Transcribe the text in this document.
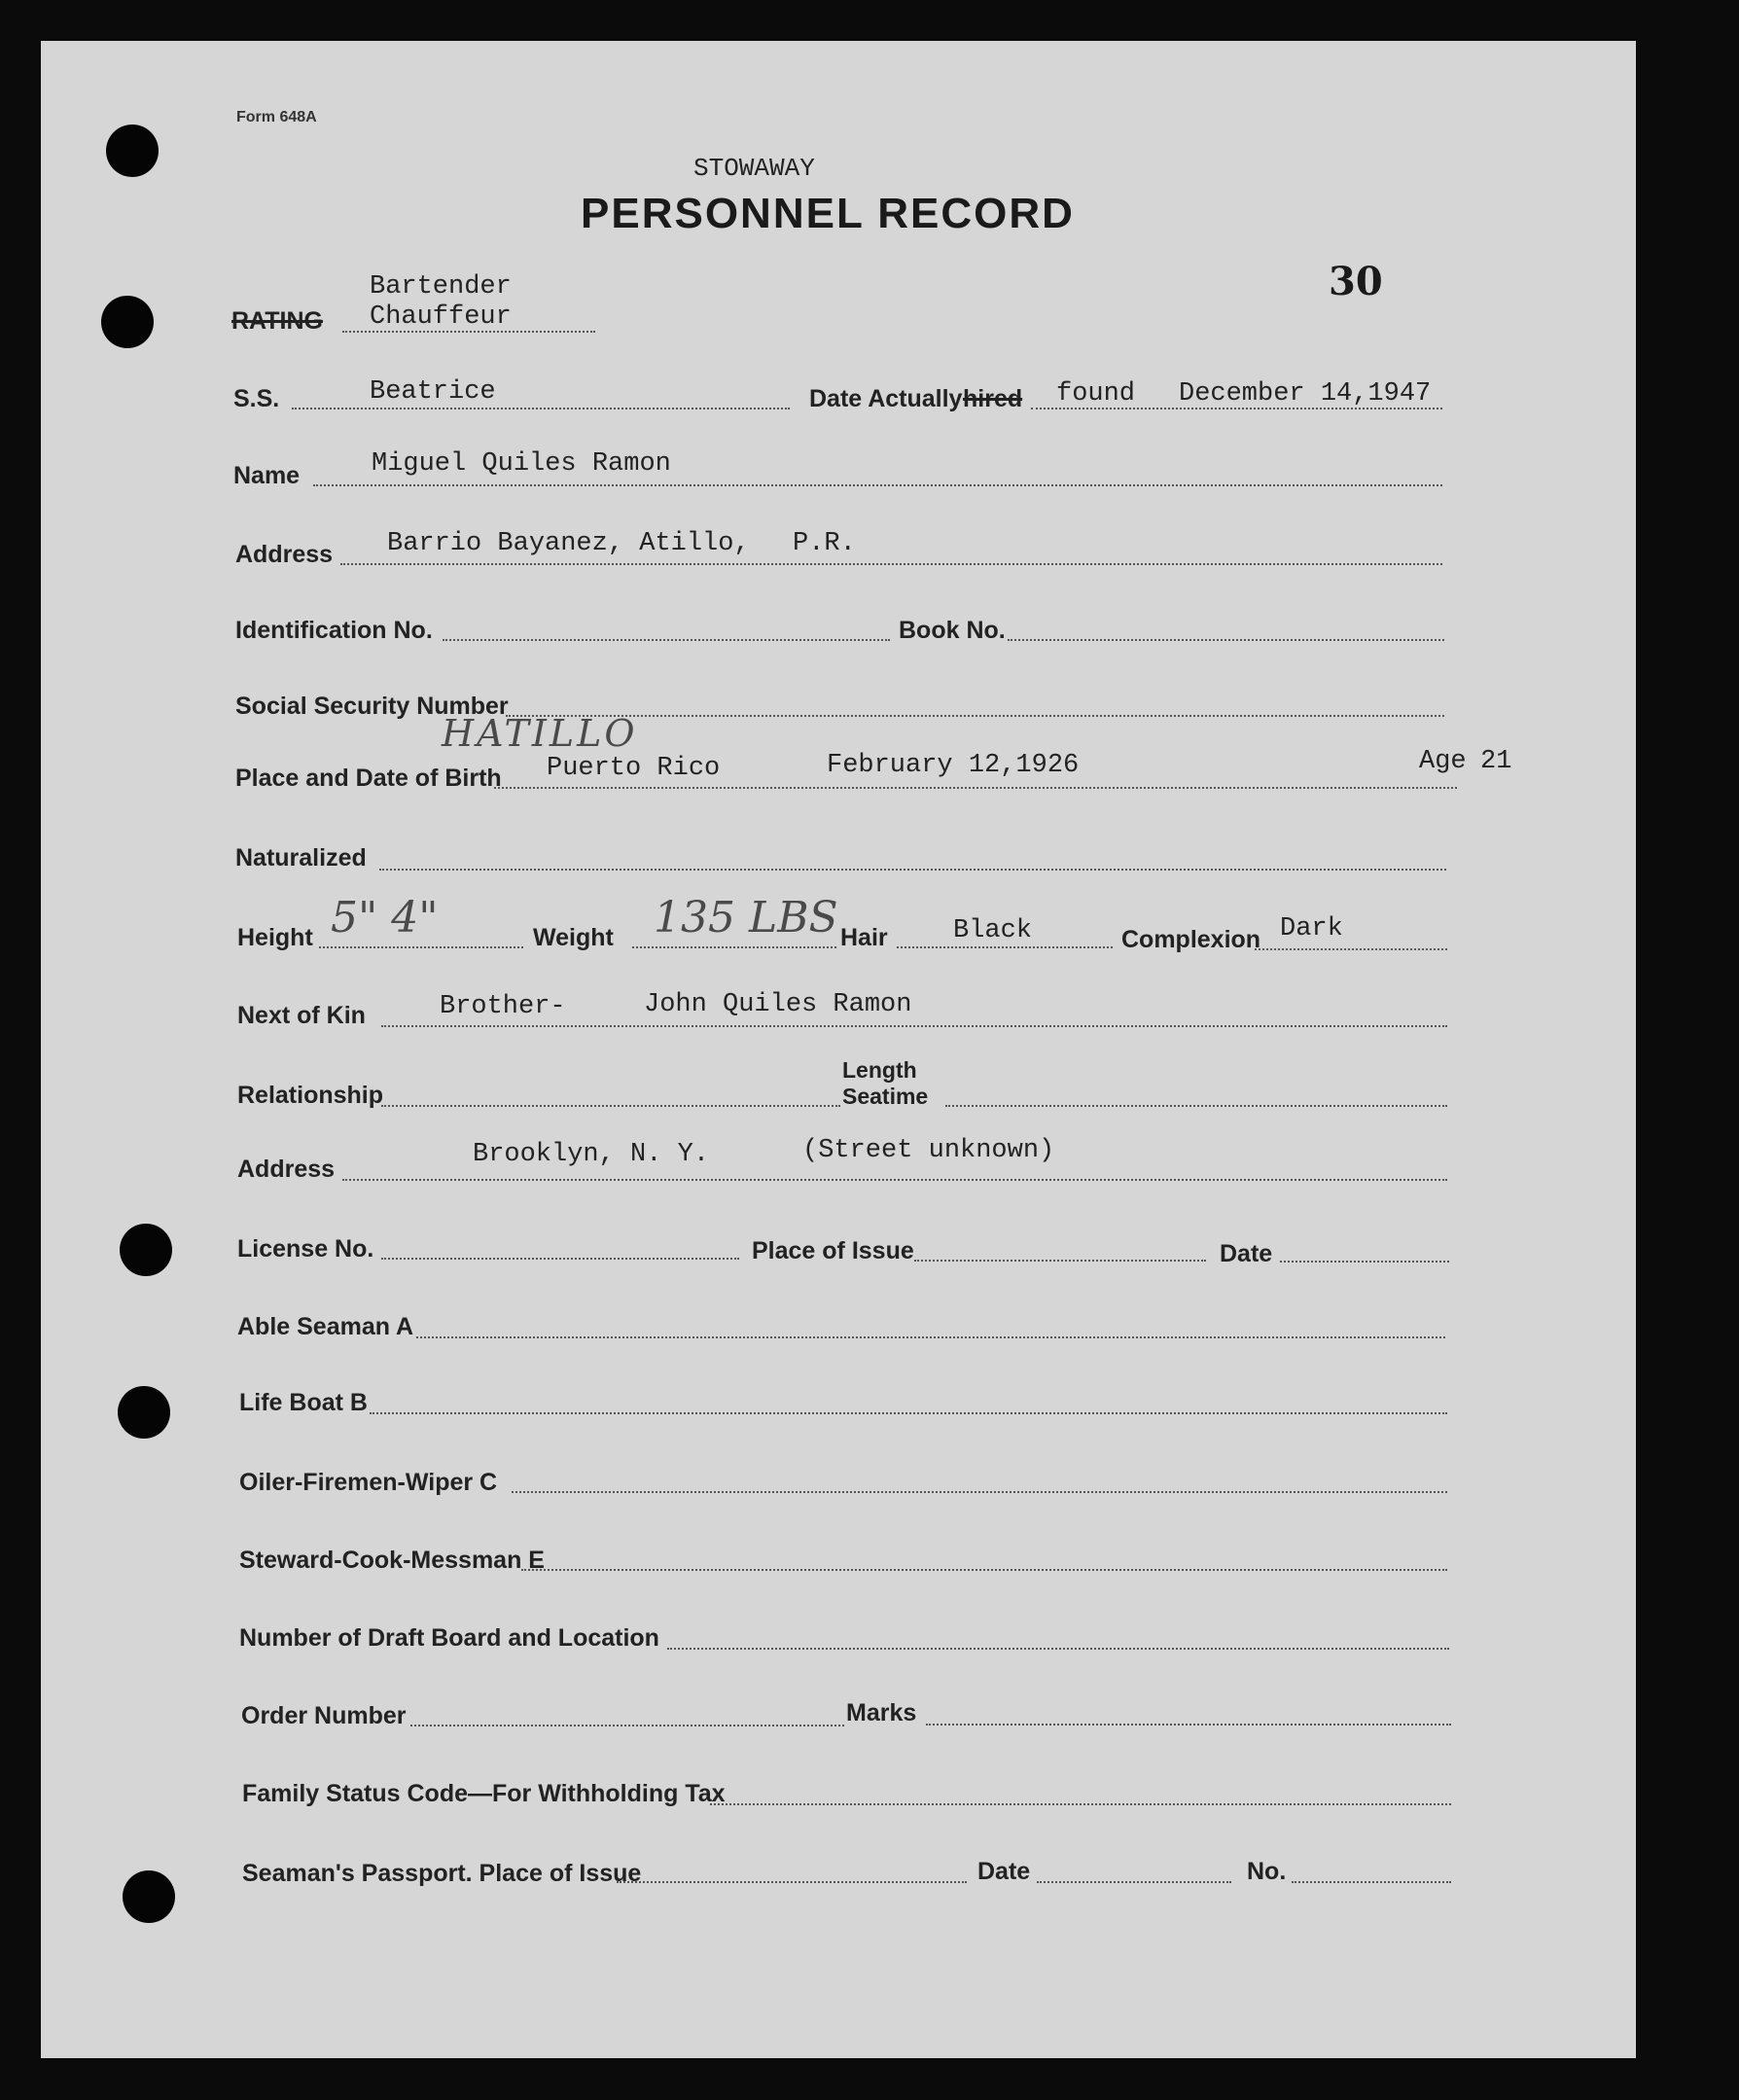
Form 648A
STOWAWAY
PERSONNEL RECORD
30
RATING
Bartender
Chauffeur
S.S.	Beatrice	Date Actually hired found December 14,1947
Name	Miguel Quiles Ramon
Address Barrio Bayanez, Atillo, P.R.
Identification No.	Book No.
Social Security Number
HATILLO
Place and Date of Birth Puerto Rico	February 12,1926	Age 21
Naturalized
Height 5" 4"	Weight 135 LBS Hair Black	Complexion Dark
Next of Kin	Brother-	John Quiles Ramon
Relationship
Length
Seatime
Address	Brooklyn, N. Y.	(Street unknown)
License No.	Place of Issue	Date
Able Seaman A
Life Boat B
Oiler-Firemen-Wiper C
Steward-Cook-Messman E
Number of Draft Board and Location
Order Number	Marks
Family Status Code—For Withholding Tax
Seaman's Passport. Place of Issue	Date	No.
